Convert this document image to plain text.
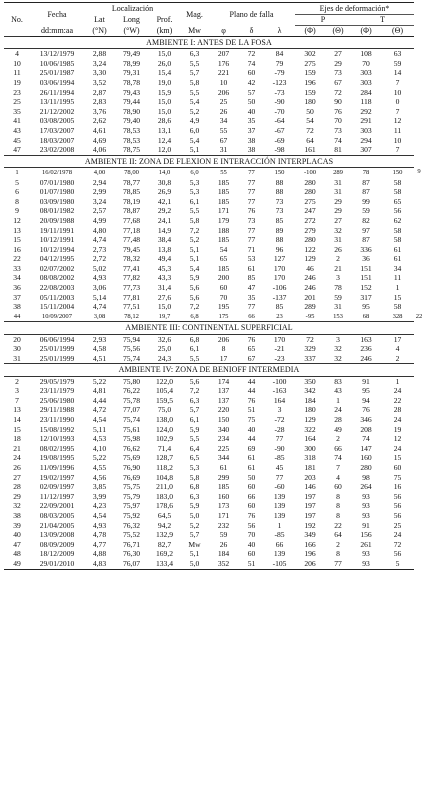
No.	Fecha	Localización			Mag.	Plano de falla			Ejes de deformación*				
		Lat	Long	Prof.					P		T		
	dd:mm:aa	(°N)	(°W)	(km)	Mw	φ	δ	λ	(Φ)	(Θ)	(Φ)	(Θ)	
AMBIENTE I: ANTES DE LA FOSA													
4	13/12/1979	2,88	79,49	15,0	6,3	207	72	84	302	27	108	63	
10	10/06/1985	3,24	78,99	26,0	5,5	176	74	79	275	29	70	59	
11	25/01/1987	3,30	79,31	15,4	5,7	221	60	-79	159	73	303	14	
19	03/06/1994	3,52	78,78	19,0	5,8	10	42	-123	196	67	303	7	
23	26/11/1994	2,87	79,43	15,9	5,5	206	57	-73	159	72	284	10	
25	13/11/1995	2,83	79,44	15,0	5,4	25	50	-90	180	90	118	0	
35	21/12/2002	3,76	78,90	15,0	5,2	26	40	-70	50	76	292	7	
41	03/08/2005	2,62	79,40	28,6	4,9	34	35	-64	54	70	291	12	
43	17/03/2007	4,61	78,53	13,1	6,0	55	37	-67	72	73	303	11	
45	18/03/2007	4,69	78,53	12,4	5,4	67	38	-69	64	74	294	10	
47	23/02/2008	4,06	78,75	12,0	5,1	31	38	-98	161	81	307	7	
AMBIENTE II: ZONA DE FLEXION E INTERACCIÓN INTERPLACAS													
1	16/02/1978	4,00	78,00	14,0	6,0	55	77	150	-100	289	78	150	9
5	07/01/1980	2,94	78,77	30,8	5,3	185	77	88	280	31	87	58	
6	01/07/1980	2,99	78,85	26,9	5,3	185	77	88	280	31	87	58	
8	03/09/1980	3,24	78,19	42,1	6,1	185	77	73	275	29	99	65	
9	08/01/1982	2,57	78,87	29,2	5,5	171	76	73	247	29	59	56	
12	20/09/1988	4,99	77,68	24,1	5,8	179	73	85	272	27	82	62	
13	19/11/1991	4,80	77,18	14,9	7,2	188	77	89	279	32	97	58	
15	10/12/1991	4,74	77,48	38,4	5,2	185	77	88	280	31	87	58	
16	10/12/1994	2,73	79,45	13,8	5,1	54	71	96	122	26	336	61	
22	04/12/1995	2,72	78,32	49,4	5,1	65	53	127	129	2	36	61	
33	02/07/2002	5,02	77,41	45,3	5,4	185	61	170	46	21	151	34	
34	08/08/2002	4,93	77,82	43,3	5,9	200	85	170	246	3	151	11	
36	22/08/2003	3,06	77,73	31,4	5,6	60	47	-106	246	78	152	1	
37	05/11/2003	5,14	77,81	27,6	5,6	70	35	-137	201	59	317	15	
38	15/11/2004	4,74	77,51	15,0	7,2	195	77	85	289	31	95	58	
44	10/09/2007	3,08	78,12	19,7	6,8	175	66	23	-95	153	68	328	22
AMBIENTE III: CONTINENTAL SUPERFICIAL													
20	06/06/1994	2,93	75,94	32,6	6,8	206	76	170	72	3	163	17	
30	25/01/1999	4,58	75,56	25,0	6,1	8	65	-21	329	32	236	4	
31	25/01/1999	4,51	75,74	24,3	5,5	17	67	-23	337	32	246	2	
AMBIENTE IV: ZONA DE BENIOFF INTERMEDIA													
2	29/05/1979	5,22	75,80	122,0	5,6	174	44	-100	350	83	91	1	
3	23/11/1979	4,81	76,22	105,4	7,2	137	44	-163	342	43	95	24	
7	25/06/1980	4,44	75,78	159,5	6,3	137	76	164	184	1	94	22	
13	29/11/1988	4,72	77,07	75,0	5,7	220	51	3	180	24	76	28	
14	23/11/1990	4,54	75,74	138,0	6,1	150	75	-72	129	28	346	24	
15	15/08/1992	5,11	75,61	124,0	5,9	340	40	-28	322	49	208	19	
18	12/10/1993	4,53	75,98	102,9	5,5	234	44	77	164	2	74	12	
21	08/02/1995	4,10	76,62	71,4	6,4	225	69	-90	300	66	147	24	
24	19/08/1995	5,22	75,69	128,7	6,5	344	61	-85	318	74	160	15	
26	11/09/1996	4,55	76,90	118,2	5,3	61	61	45	181	7	280	60	
27	19/02/1997	4,56	76,69	104,8	5,8	299	50	77	203	4	98	75	
28	02/09/1997	3,85	75,75	211,0	6,8	185	60	-60	146	60	264	16	
29	11/12/1997	3,99	75,79	183,0	6,3	160	66	139	197	8	93	56	
32	22/09/2001	4,23	75,97	178,6	5,9	173	60	139	197	8	93	56	
38	08/03/2005	4,54	75,92	64,5	5,0	171	76	139	197	8	93	56	
39	21/04/2005	4,93	76,32	94,2	5,2	232	56	1	192	22	91	25	
40	13/09/2008	4,78	75,52	132,9	5,7	59	70	-85	349	64	156	24	
47	08/09/2009	4,77	76,71	82,7	Mw	26	40	66	166	2	261	72	
48	18/12/2009	4,88	76,30	169,2	5,1	184	60	139	196	8	93	56	
49	29/01/2010	4,83	76,07	133,4	5,0	352	51	-105	206	77	93	5	
